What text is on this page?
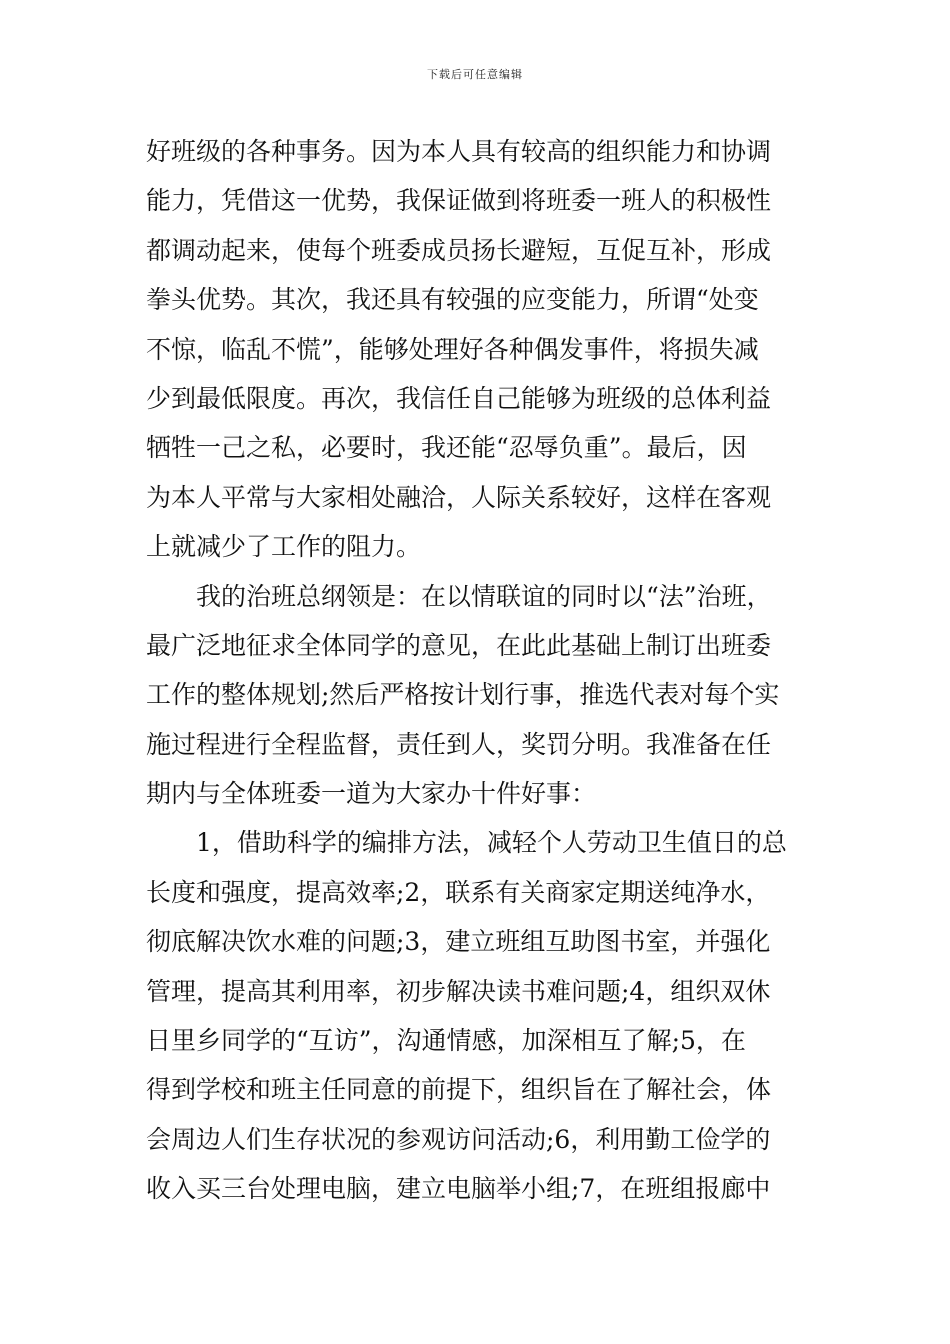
下载后可任意编辑
好班级的各种事务。因为本人具有较高的组织能力和协调
能力，凭借这一优势，我保证做到将班委一班人的积极性
都调动起来，使每个班委成员扬长避短，互促互补，形成
拳头优势。其次，我还具有较强的应变能力，所谓“处变
不惊，临乱不慌”，能够处理好各种偶发事件，将损失减
少到最低限度。再次，我信任自己能够为班级的总体利益
牺牲一己之私，必要时，我还能“忍辱负重”。最后，因
为本人平常与大家相处融洽，人际关系较好，这样在客观
上就减少了工作的阻力。
我的治班总纲领是：在以情联谊的同时以“法”治班，
最广泛地征求全体同学的意见，在此此基础上制订出班委
工作的整体规划;然后严格按计划行事，推选代表对每个实
施过程进行全程监督，责任到人，奖罚分明。我准备在任
期内与全体班委一道为大家办十件好事：
1，借助科学的编排方法，减轻个人劳动卫生值日的总
长度和强度，提高效率;2，联系有关商家定期送纯净水，
彻底解决饮水难的问题;3，建立班组互助图书室，并强化
管理，提高其利用率，初步解决读书难问题;4，组织双休
日里乡同学的“互访”，沟通情感，加深相互了解;5，在
得到学校和班主任同意的前提下，组织旨在了解社会，体
会周边人们生存状况的参观访问活动;6，利用勤工俭学的
收入买三台处理电脑，建立电脑举小组;7，在班组报廊中
